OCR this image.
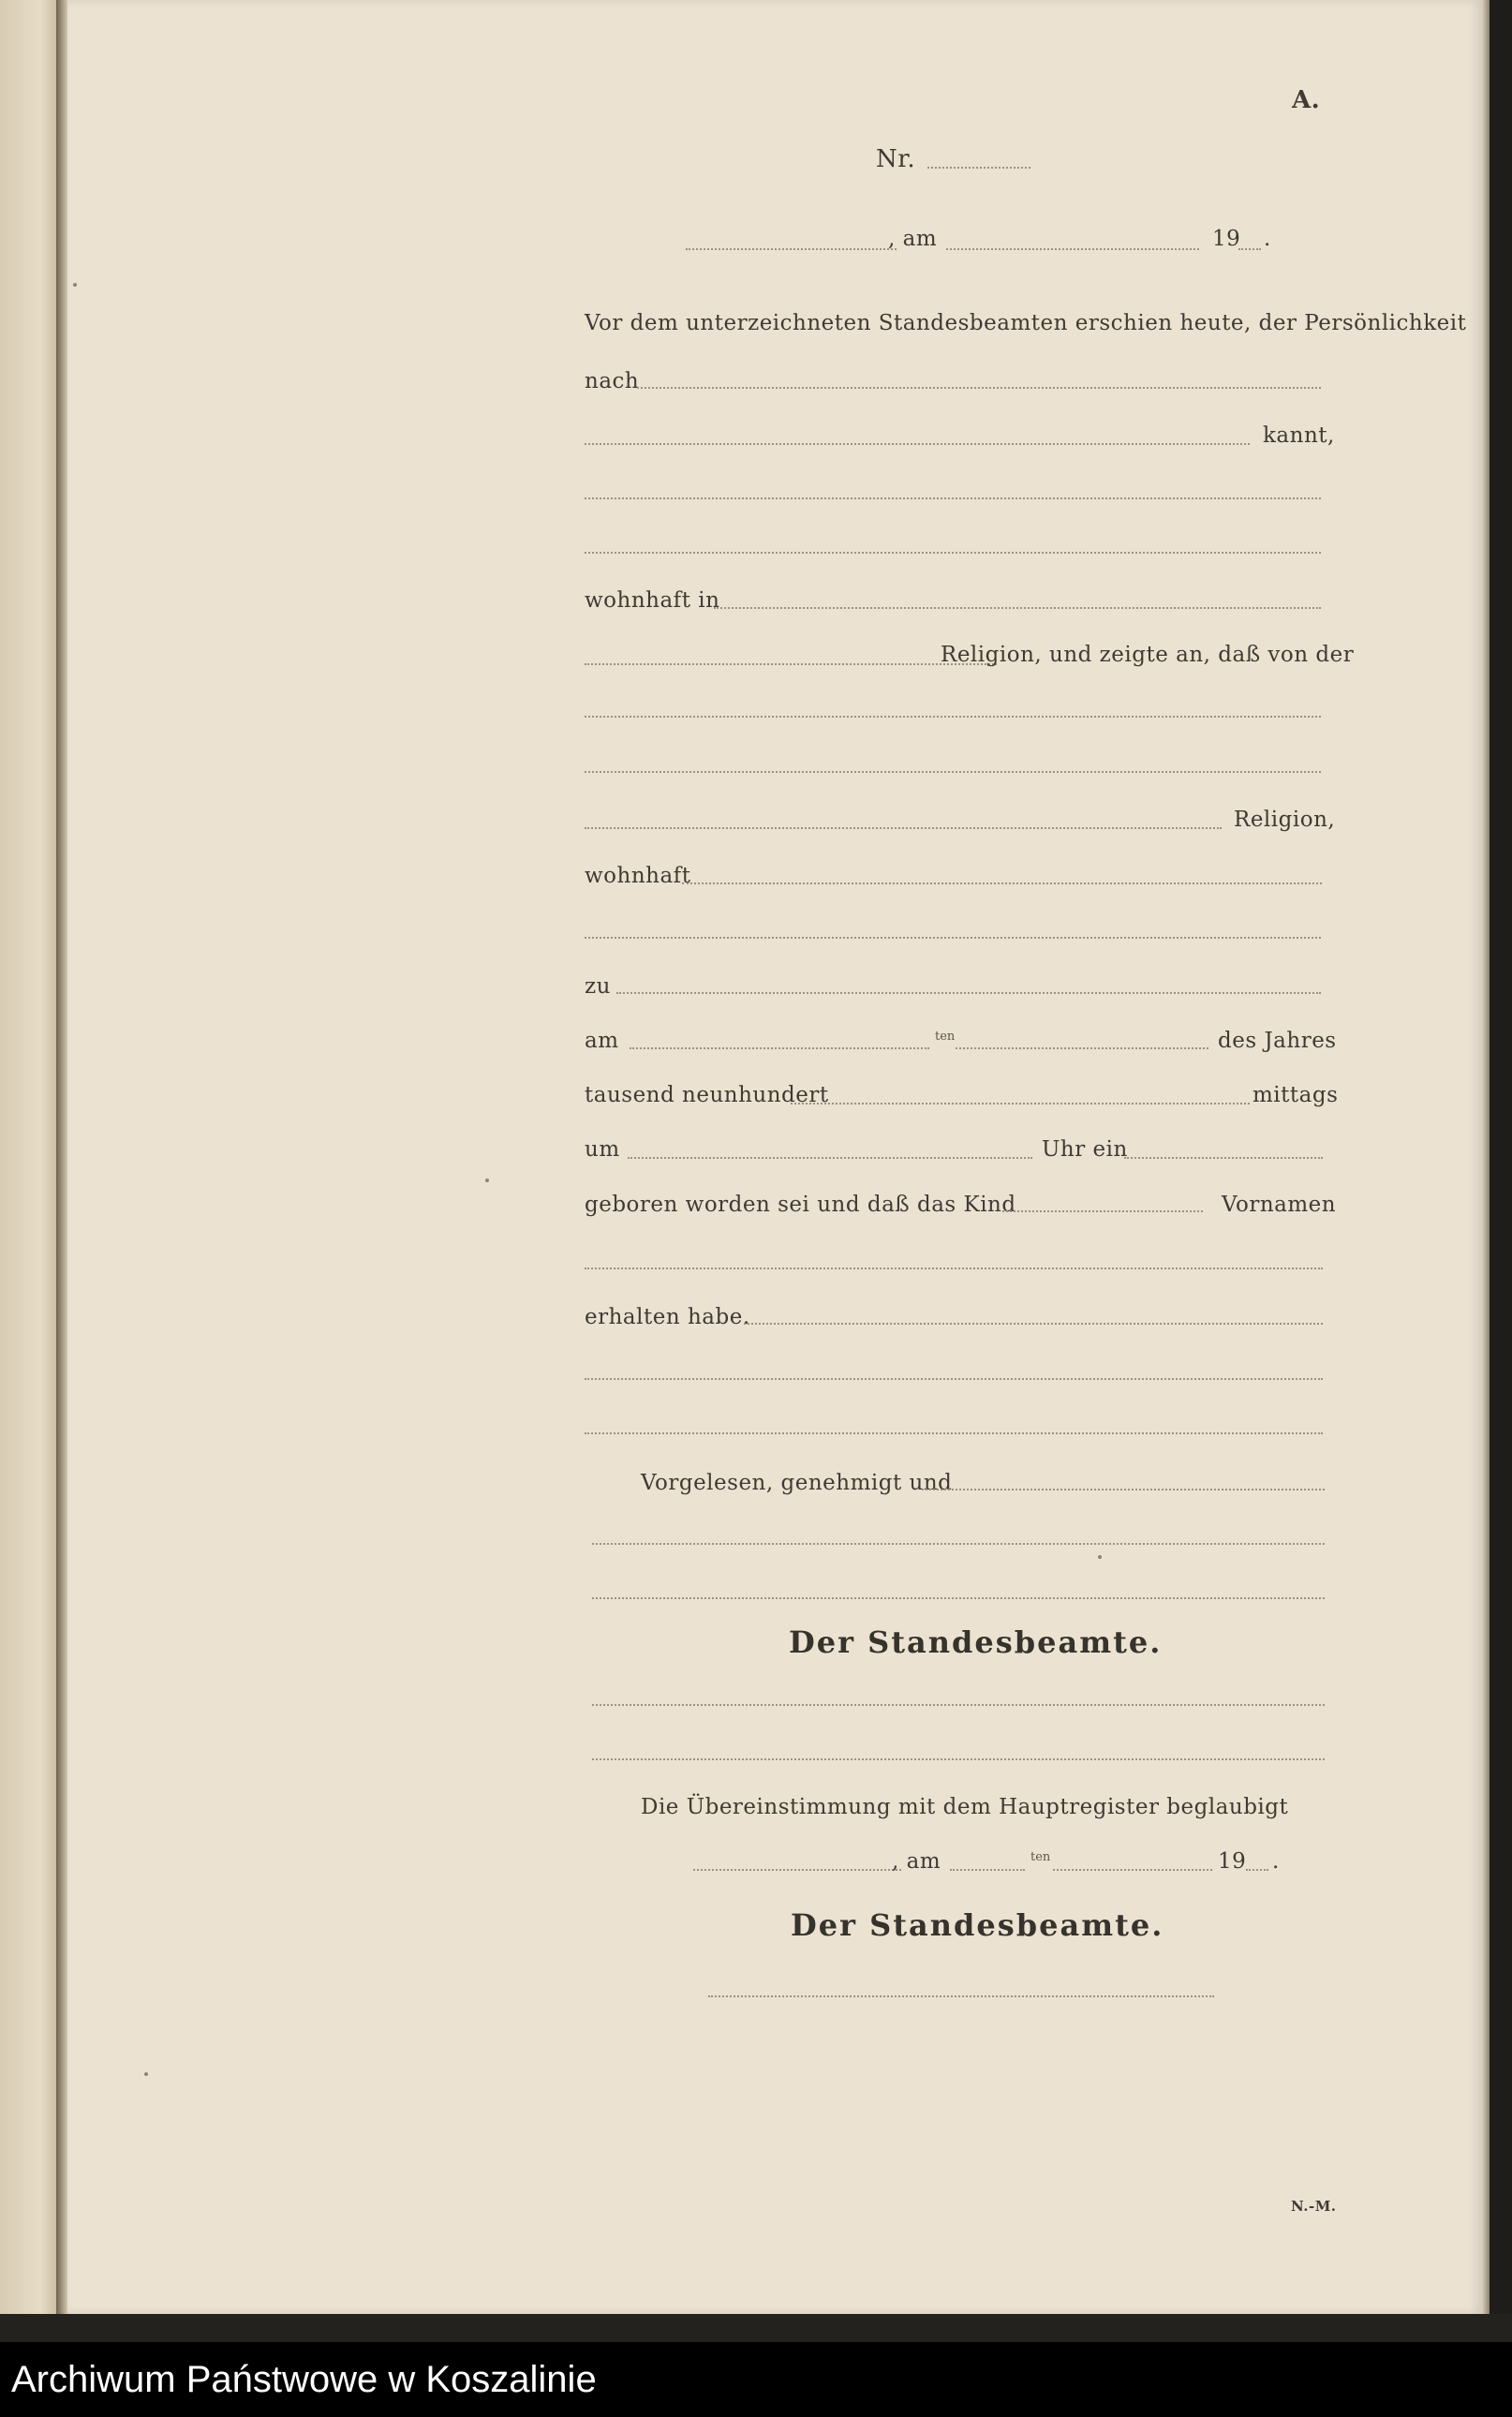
A.
Nr.
, am	19 .
Vor dem unterzeichneten Standesbeamten erschien heute, der Persönlichkeit
nach
kannt,
wohnhaft in
Religion, und zeigte an, daß von der
Religion,
wohnhaft
zu
am	ten	des Jahres
tausend neunhundert	mittags
um	Uhr ein
geboren worden sei und daß das Kind	Vornamen
erhalten habe.
Vorgelesen, genehmigt und
Der Standesbeamte.
Die Übereinstimmung mit dem Hauptregister beglaubigt
, am	ten	19 .
Der Standesbeamte.
N.-M.
Archiwum Państwowe w Koszalinie
